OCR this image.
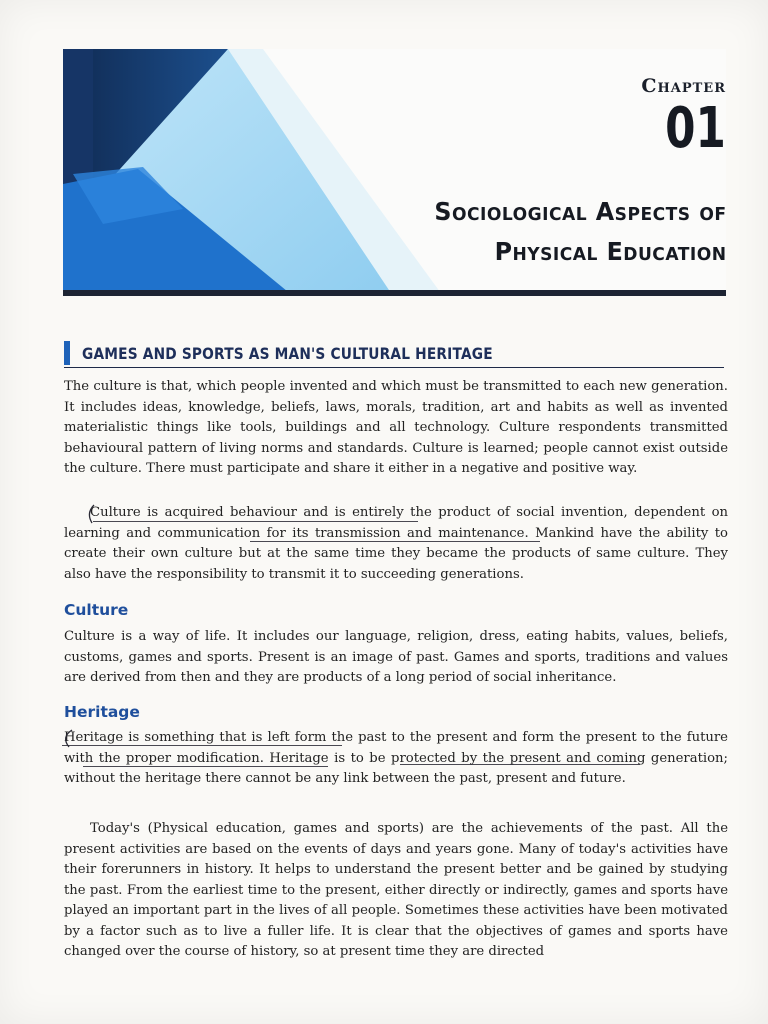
Chapter
01
Sociological Aspects of
Physical Education
GAMES AND SPORTS AS MAN'S CULTURAL HERITAGE

The culture is that, which people invented and which must be transmitted to each new generation. It includes ideas, knowledge, beliefs, laws, morals, tradition, art and habits as well as invented materialistic things like tools, buildings and all technology. Culture respondents transmitted behavioural pattern of living norms and standards. Culture is learned; people cannot exist outside the culture. There must participate and share it either in a negative and positive way.

Culture is acquired behaviour and is entirely the product of social invention, dependent on learning and communication for its transmission and maintenance. Mankind have the ability to create their own culture but at the same time they became the products of same culture. They also have the responsibility to transmit it to succeeding generations.

Culture

Culture is a way of life. It includes our language, religion, dress, eating habits, values, beliefs, customs, games and sports. Present is an image of past. Games and sports, traditions and values are derived from then and they are products of a long period of social inheritance.

Heritage

Heritage is something that is left form the past to the present and form the present to the future with the proper modification. Heritage is to be protected by the present and coming generation; without the heritage there cannot be any link between the past, present and future.

Today's (Physical education, games and sports) are the achievements of the past. All the present activities are based on the events of days and years gone. Many of today's activities have their forerunners in history. It helps to understand the present better and be gained by studying the past. From the earliest time to the present, either directly or indirectly, games and sports have played an important part in the lives of all people. Sometimes these activities have been motivated by a factor such as to live a fuller life. It is clear that the objectives of games and sports have changed over the course of history, so at present time they are directed
